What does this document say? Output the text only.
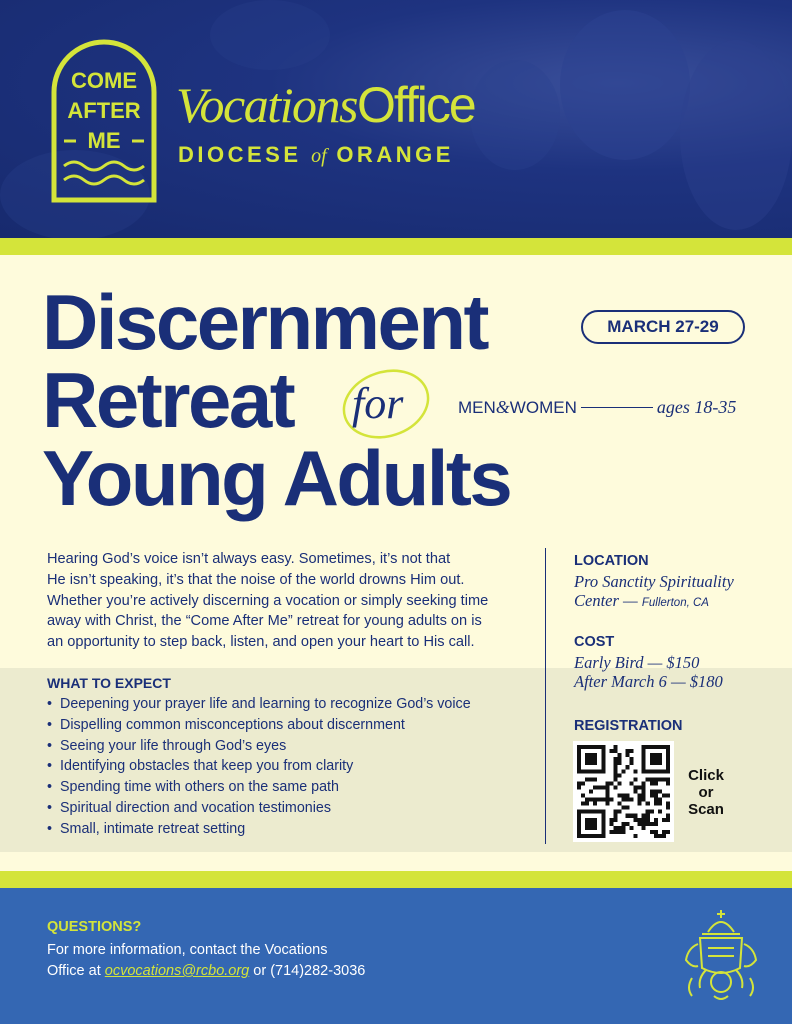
COME
AFTER
ME
VocationsOffice
DIOCESE of ORANGE
Discernment
Retreat
Young Adults
for
MARCH 27-29
MEN & WOMEN	ages 18-35
Hearing God’s voice isn’t always easy. Sometimes, it’s not that
He isn’t speaking, it’s that the noise of the world drowns Him out.
Whether you’re actively discerning a vocation or simply seeking time
away with Christ, the “Come After Me” retreat for young adults on is
an opportunity to step back, listen, and open your heart to His call.
WHAT TO EXPECT
• Deepening your prayer life and learning to recognize God’s voice
• Dispelling common misconceptions about discernment
• Seeing your life through God’s eyes
• Identifying obstacles that keep you from clarity
• Spending time with others on the same path
• Spiritual direction and vocation testimonies
• Small, intimate retreat setting
LOCATION
Pro Sanctity Spirituality
Center — Fullerton, CA
COST
Early Bird — $150
After March 6 — $180
REGISTRATION
Click
or
Scan
QUESTIONS?
For more information, contact the Vocations
Office at ocvocations@rcbo.org or (714)282-3036
